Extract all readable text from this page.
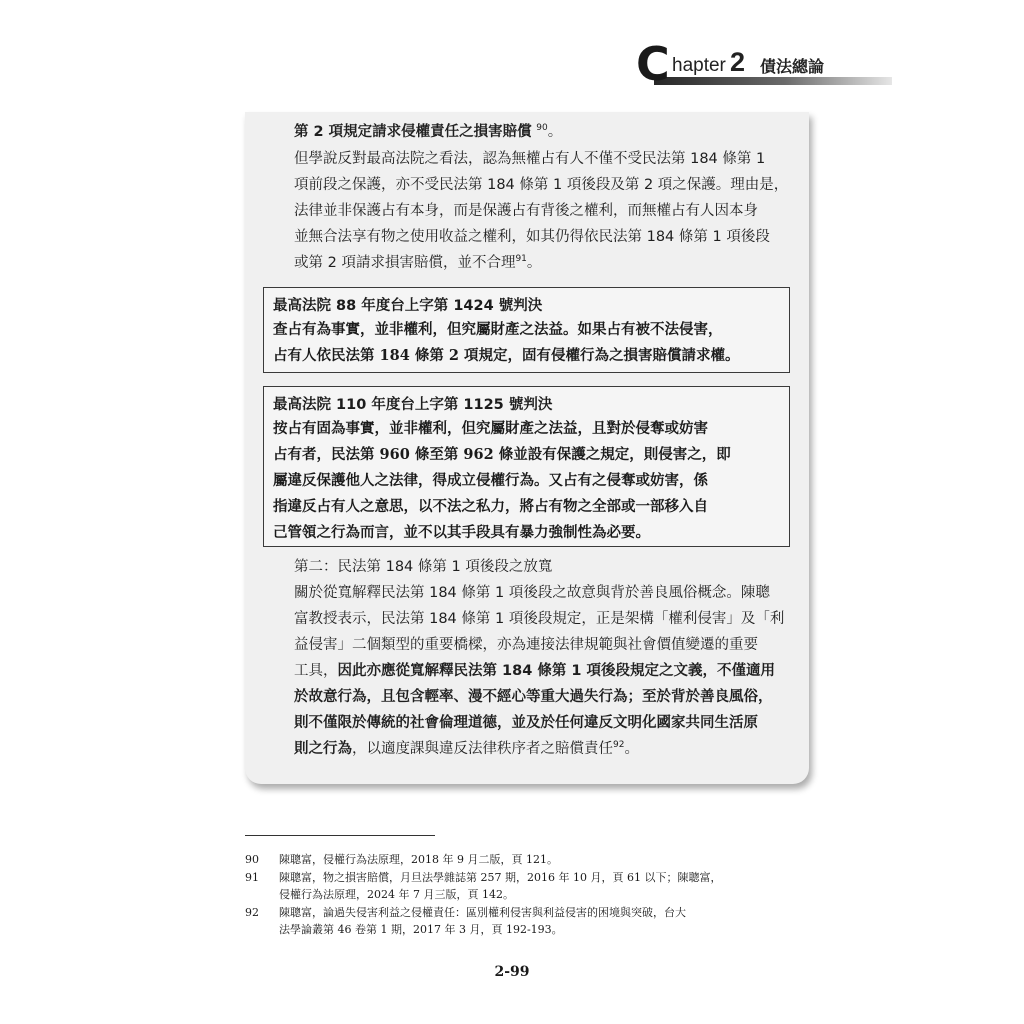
C hapter 2 債法總論

第 2 項規定請求侵權責任之損害賠償 $^{90}$。

但學說反對最高法院之看法，認為無權占有人不僅不受民法第 184 條第 1
項前段之保護，亦不受民法第 184 條第 1 項後段及第 2 項之保護。理由是，
法律並非保護占有本身，而是保護占有背後之權利，而無權占有人因本身
並無合法享有物之使用收益之權利，如其仍得依民法第 184 條第 1 項後段
或第 2 項請求損害賠償，並不合理$^{91}$。

最高法院 88 年度台上字第 1424 號判決

查占有為事實，並非權利，但究屬財產之法益。如果占有被不法侵害，

占有人依民法第 184 條第 2 項規定，固有侵權行為之損害賠償請求權。

最高法院 110 年度台上字第 1125 號判決

按占有固為事實，並非權利，但究屬財產之法益，且對於侵奪或妨害

占有者，民法第 960 條至第 962 條並設有保護之規定，則侵害之，即

屬違反保護他人之法律，得成立侵權行為。又占有之侵奪或妨害，係

指違反占有人之意思，以不法之私力，將占有物之全部或一部移入自

己管領之行為而言，並不以其手段具有暴力強制性為必要。

第二：民法第 184 條第 1 項後段之放寬
關於從寬解釋民法第 184 條第 1 項後段之故意與背於善良風俗概念。陳聰
富教授表示，民法第 184 條第 1 項後段規定，正是架構「權利侵害」及「利
益侵害」二個類型的重要橋樑，亦為連接法律規範與社會價值變遷的重要
工具，因此亦應從寬解釋民法第 184 條第 1 項後段規定之文義，不僅適用
於故意行為，且包含輕率、漫不經心等重大過失行為；至於背於善良風俗，
則不僅限於傳統的社會倫理道德，並及於任何違反文明化國家共同生活原
則之行為，以適度課與違反法律秩序者之賠償責任$^{92}$。
90	陳聰富，侵權行為法原理，2018 年 9 月二版，頁 121。
91	陳聰富，物之損害賠償，月旦法學雜誌第 257 期，2016 年 10 月，頁 61 以下；陳聰富，
侵權行為法原理，2024 年 7 月三版，頁 142。
92	陳聰富，論過失侵害利益之侵權責任：區別權利侵害與利益侵害的困境與突破，台大
法學論叢第 46 卷第 1 期，2017 年 3 月，頁 192-193。
2-99
